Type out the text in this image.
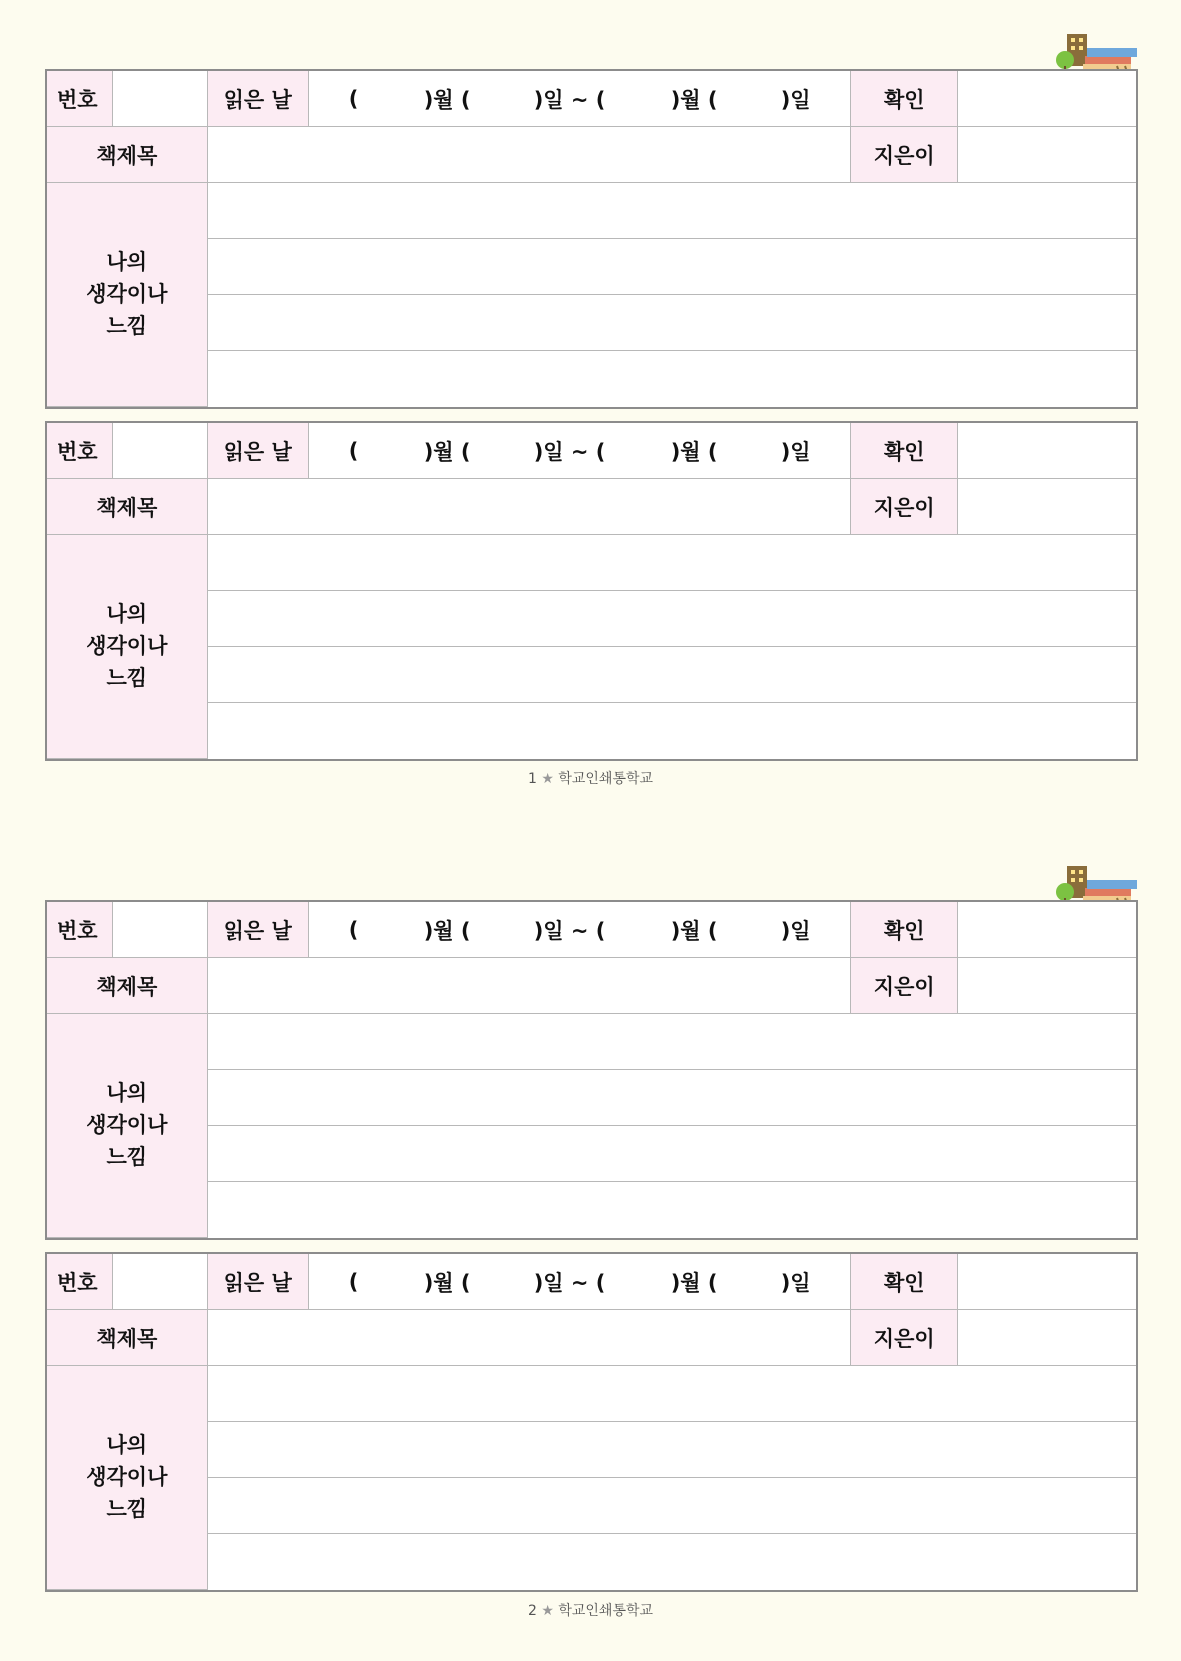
번호		읽은 날	( )월 ( )일 ~ ( )월 ( )일	확인	
책제목				지은이	

나의
생각이나
느낌					

번호		읽은 날	( )월 ( )일 ~ ( )월 ( )일	확인	
책제목				지은이	

나의
생각이나
느낌					

1 ★ 학교인쇄통학교
번호		읽은 날	( )월 ( )일 ~ ( )월 ( )일	확인	
책제목				지은이	

나의
생각이나
느낌					

번호		읽은 날	( )월 ( )일 ~ ( )월 ( )일	확인	
책제목				지은이	

나의
생각이나
느낌					

2 ★ 학교인쇄통학교
